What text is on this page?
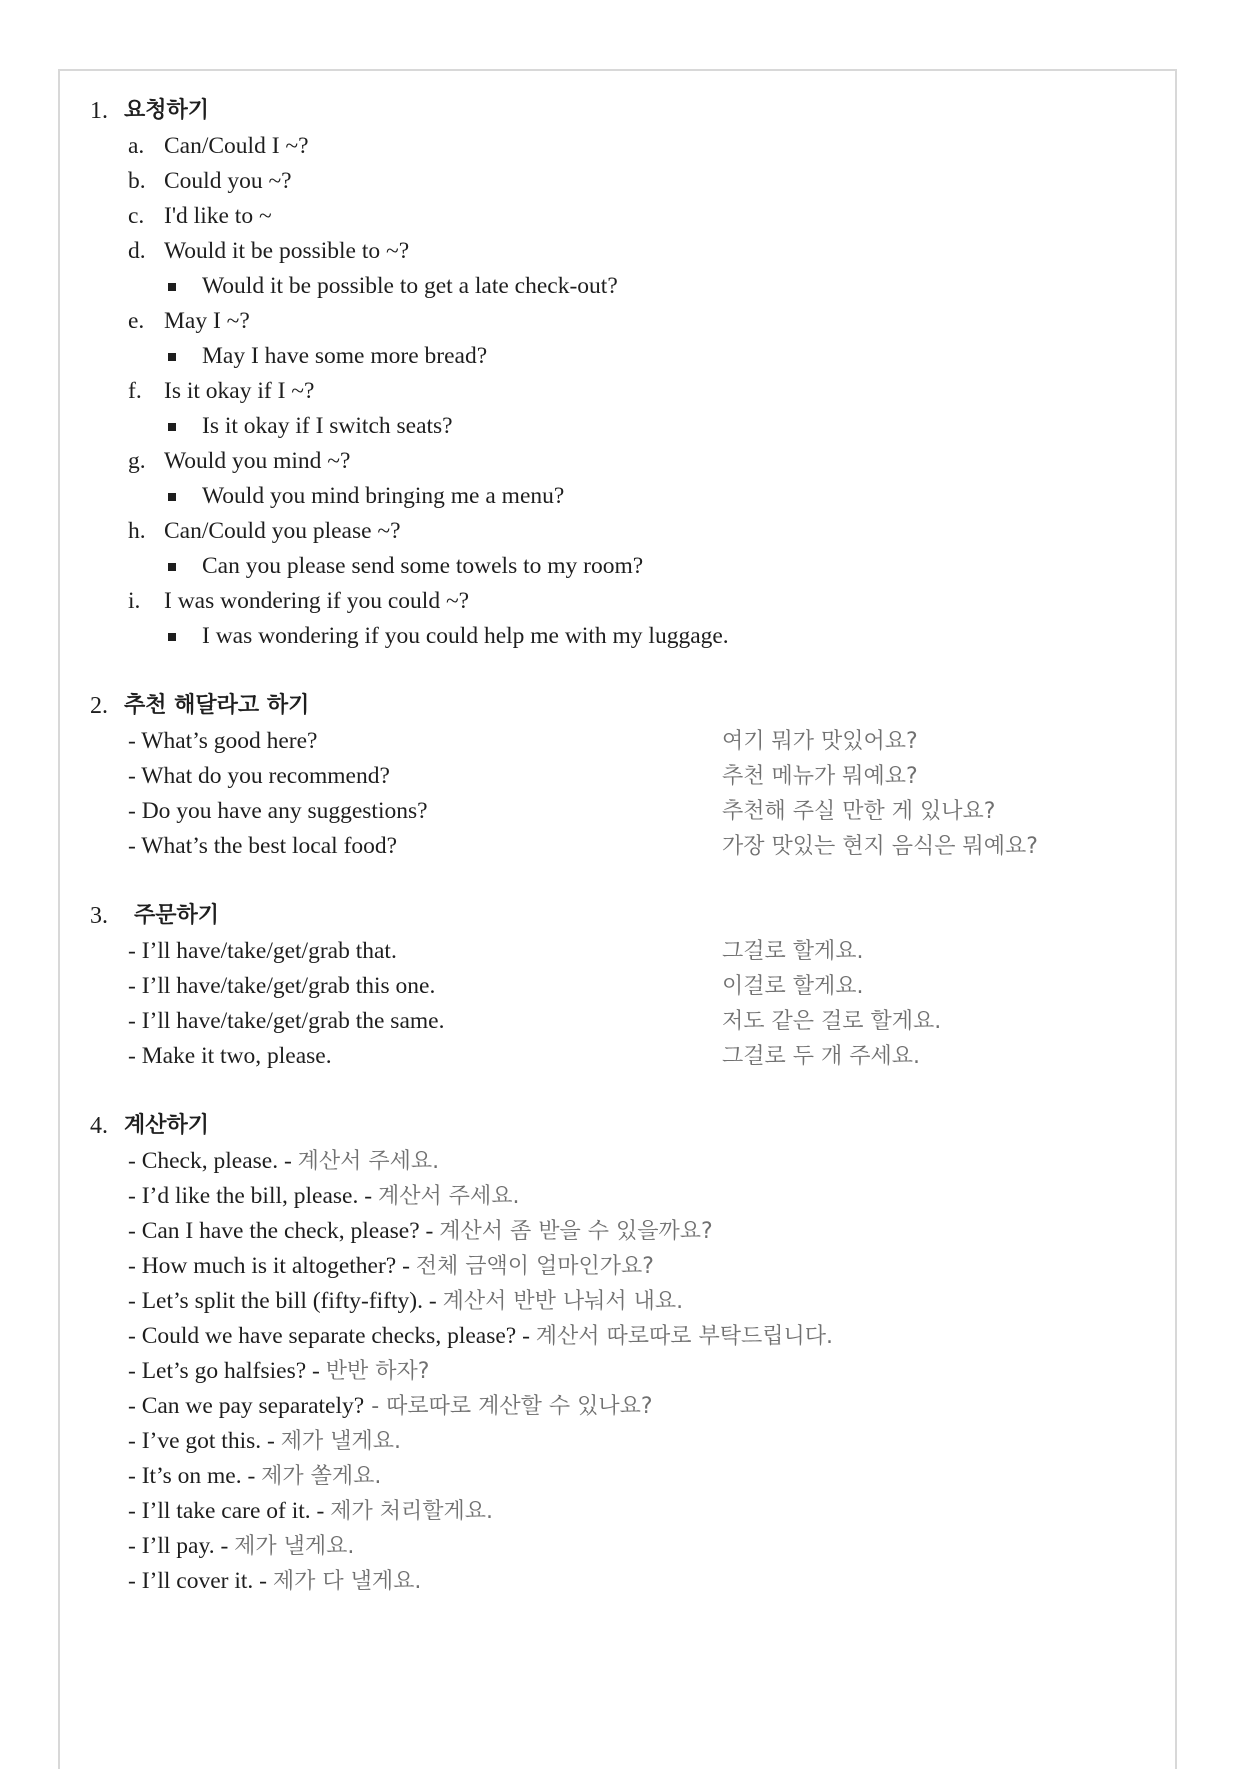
1. 요청하기
a. Can/Could I ~?
b. Could you ~?
c. I'd like to ~
d. Would it be possible to ~?
Would it be possible to get a late check-out?
e. May I ~?
May I have some more bread?
f. Is it okay if I ~?
Is it okay if I switch seats?
g. Would you mind ~?
Would you mind bringing me a menu?
h. Can/Could you please ~?
Can you please send some towels to my room?
i. I was wondering if you could ~?
I was wondering if you could help me with my luggage.
2. 추천 해달라고 하기
- What’s good here?	여기 뭐가 맛있어요?
- What do you recommend?	추천 메뉴가 뭐예요?
- Do you have any suggestions?	추천해 주실 만한 게 있나요?
- What’s the best local food?	가장 맛있는 현지 음식은 뭐예요?
3.	주문하기
- I’ll have/take/get/grab that.	그걸로 할게요.
- I’ll have/take/get/grab this one.	이걸로 할게요.
- I’ll have/take/get/grab the same.	저도 같은 걸로 할게요.
- Make it two, please.	그걸로 두 개 주세요.
4. 계산하기
- Check, please. - 계산서 주세요.
- I’d like the bill, please. - 계산서 주세요.
- Can I have the check, please? - 계산서 좀 받을 수 있을까요?
- How much is it altogether? - 전체 금액이 얼마인가요?
- Let’s split the bill (fifty-fifty). - 계산서 반반 나눠서 내요.
- Could we have separate checks, please? - 계산서 따로따로 부탁드립니다.
- Let’s go halfsies? - 반반 하자?
- Can we pay separately? - 따로따로 계산할 수 있나요?
- I’ve got this. - 제가 낼게요.
- It’s on me. - 제가 쏠게요.
- I’ll take care of it. - 제가 처리할게요.
- I’ll pay. - 제가 낼게요.
- I’ll cover it. - 제가 다 낼게요.
